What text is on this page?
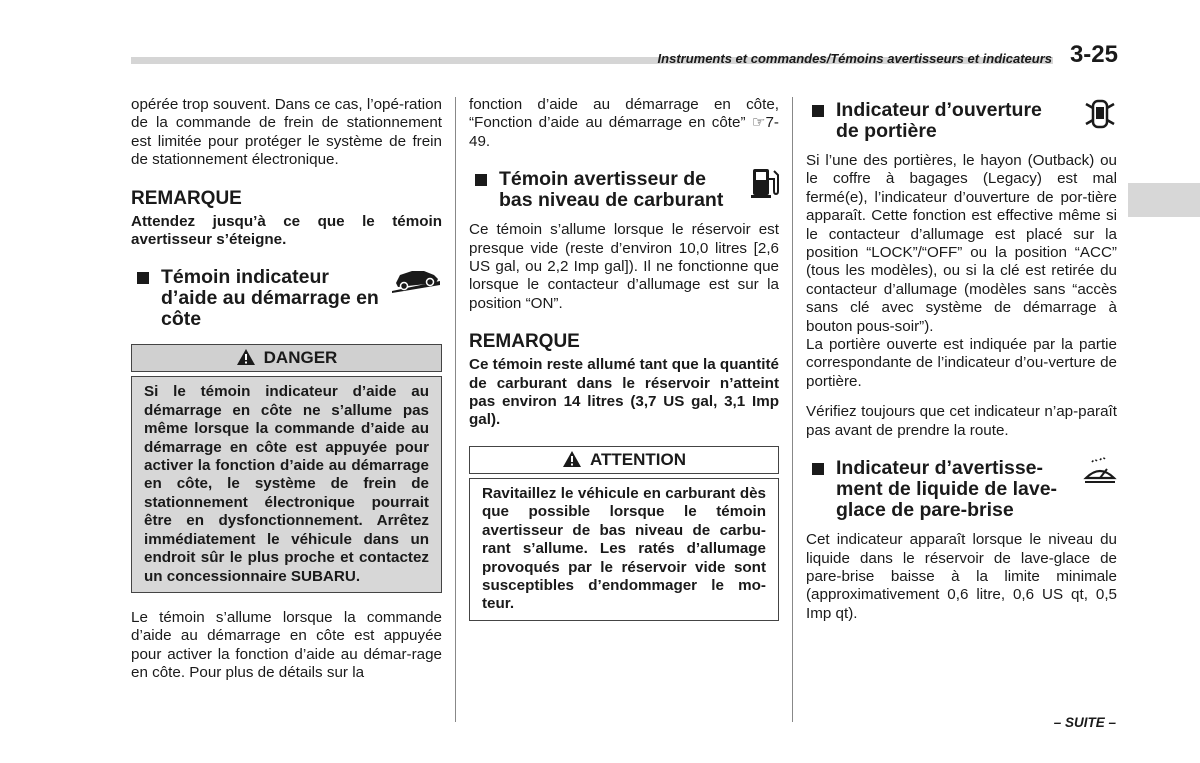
Instruments et commandes/Témoins avertisseurs et indicateurs 3-25

opérée trop souvent. Dans ce cas, l’opé-ration de la commande de frein de stationnement est limitée pour protéger le système de frein de stationnement électronique.

REMARQUE

Attendez jusqu’à ce que le témoin avertisseur s’éteigne.

Témoin indicateur
d’aide au démarrage en
côte
DANGER

Si le témoin indicateur d’aide au démarrage en côte ne s’allume pas même lorsque la commande d’aide au démarrage en côte est appuyée pour activer la fonction d’aide au démarrage en côte, le système de frein de stationnement électronique pourrait être en dysfonctionnement. Arrêtez immédiatement le véhicule dans un endroit sûr le plus proche et contactez un concessionnaire SUBARU.

Le témoin s’allume lorsque la commande d’aide au démarrage en côte est appuyée pour activer la fonction d’aide au démar-rage en côte. Pour plus de détails sur la

fonction d’aide au démarrage en côte, “Fonction d’aide au démarrage en côte” ☞7-49.

Témoin avertisseur de
bas niveau de carburant

Ce témoin s’allume lorsque le réservoir est presque vide (reste d’environ 10,0 litres [2,6 US gal, ou 2,2 Imp gal]). Il ne fonctionne que lorsque le contacteur d’allumage est sur la position “ON”.

REMARQUE

Ce témoin reste allumé tant que la quantité de carburant dans le réservoir n’atteint pas environ 14 litres (3,7 US gal, 3,1 Imp gal).

ATTENTION

Ravitaillez le véhicule en carburant dès que possible lorsque le témoin avertisseur de bas niveau de carbu-rant s’allume. Les ratés d’allumage provoqués par le réservoir vide sont susceptibles d’endommager le mo-teur.

Indicateur d’ouverture
de portière

Si l’une des portières, le hayon (Outback) ou le coffre à bagages (Legacy) est mal fermé(e), l’indicateur d’ouverture de por-tière apparaît. Cette fonction est effective même si le contacteur d’allumage est placé sur la position “LOCK”/“OFF” ou la position “ACC” (tous les modèles), ou si la clé est retirée du contacteur d’allumage (modèles sans “accès sans clé avec système de démarrage à bouton pous-soir”).

La portière ouverte est indiquée par la partie correspondante de l’indicateur d’ou-verture de portière.

Vérifiez toujours que cet indicateur n’ap-paraît pas avant de prendre la route.

Indicateur d’avertisse-
ment de liquide de lave-
glace de pare-brise

Cet indicateur apparaît lorsque le niveau du liquide dans le réservoir de lave-glace de pare-brise baisse à la limite minimale (approximativement 0,6 litre, 0,6 US qt, 0,5 Imp qt).

– SUITE –
